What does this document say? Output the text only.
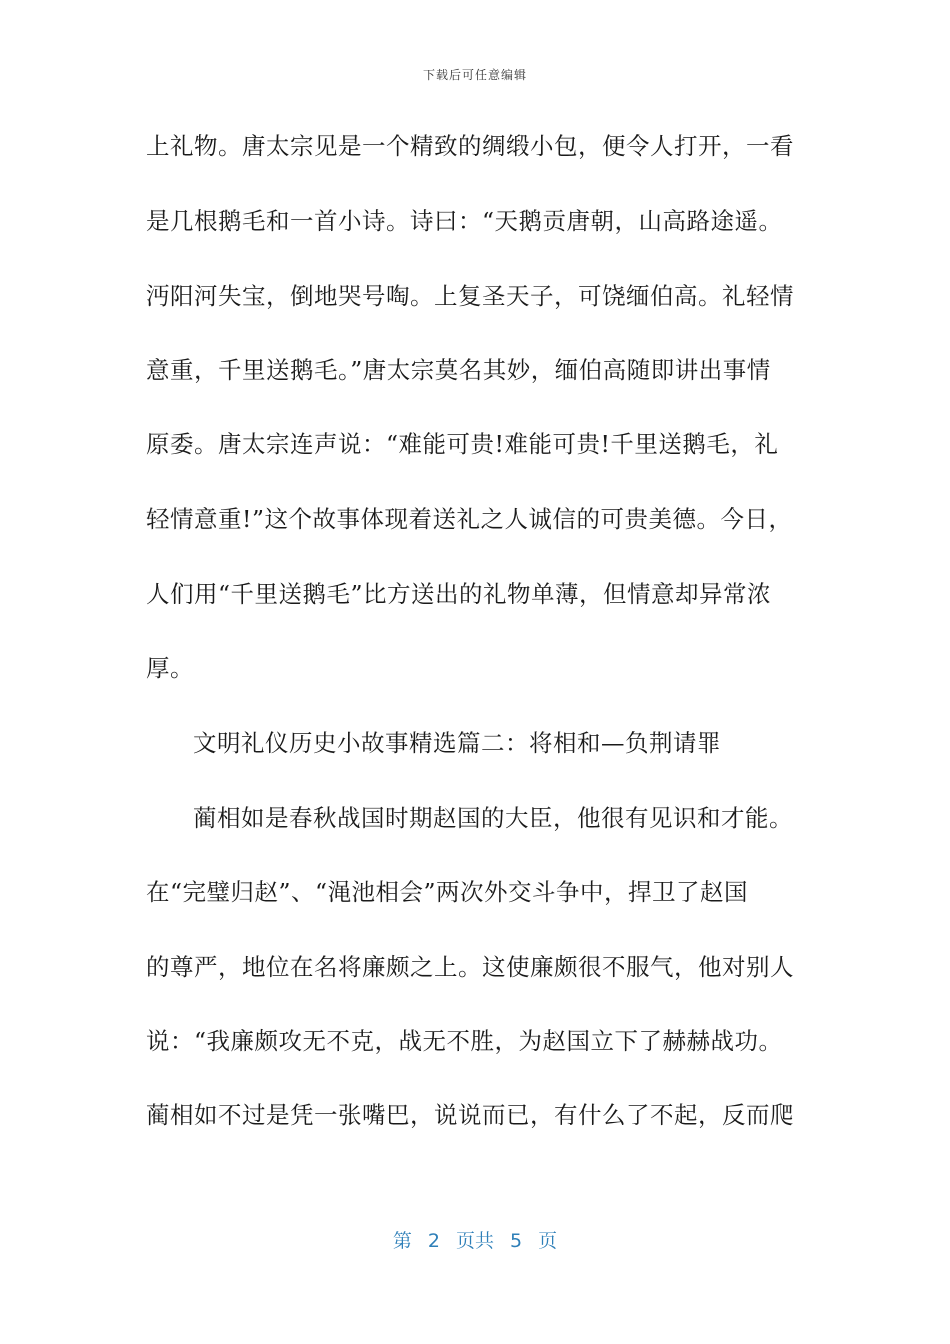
下载后可任意编辑
上礼物。唐太宗见是一个精致的绸缎小包，便令人打开，一看
是几根鹅毛和一首小诗。诗曰：“天鹅贡唐朝，山高路途遥。
沔阳河失宝，倒地哭号啕。上复圣天子，可饶缅伯高。礼轻情
意重，千里送鹅毛。”唐太宗莫名其妙，缅伯高随即讲出事情
原委。唐太宗连声说：“难能可贵!难能可贵!千里送鹅毛，礼
轻情意重!”这个故事体现着送礼之人诚信的可贵美德。今日，
人们用“千里送鹅毛”比方送出的礼物单薄，但情意却异常浓
厚。
文明礼仪历史小故事精选篇二：将相和—负荆请罪
蔺相如是春秋战国时期赵国的大臣，他很有见识和才能。
在“完璧归赵”、“渑池相会”两次外交斗争中，捍卫了赵国
的尊严，地位在名将廉颇之上。这使廉颇很不服气，他对别人
说：“我廉颇攻无不克，战无不胜，为赵国立下了赫赫战功。
蔺相如不过是凭一张嘴巴，说说而已，有什么了不起，反而爬
第 2 页共 5 页
